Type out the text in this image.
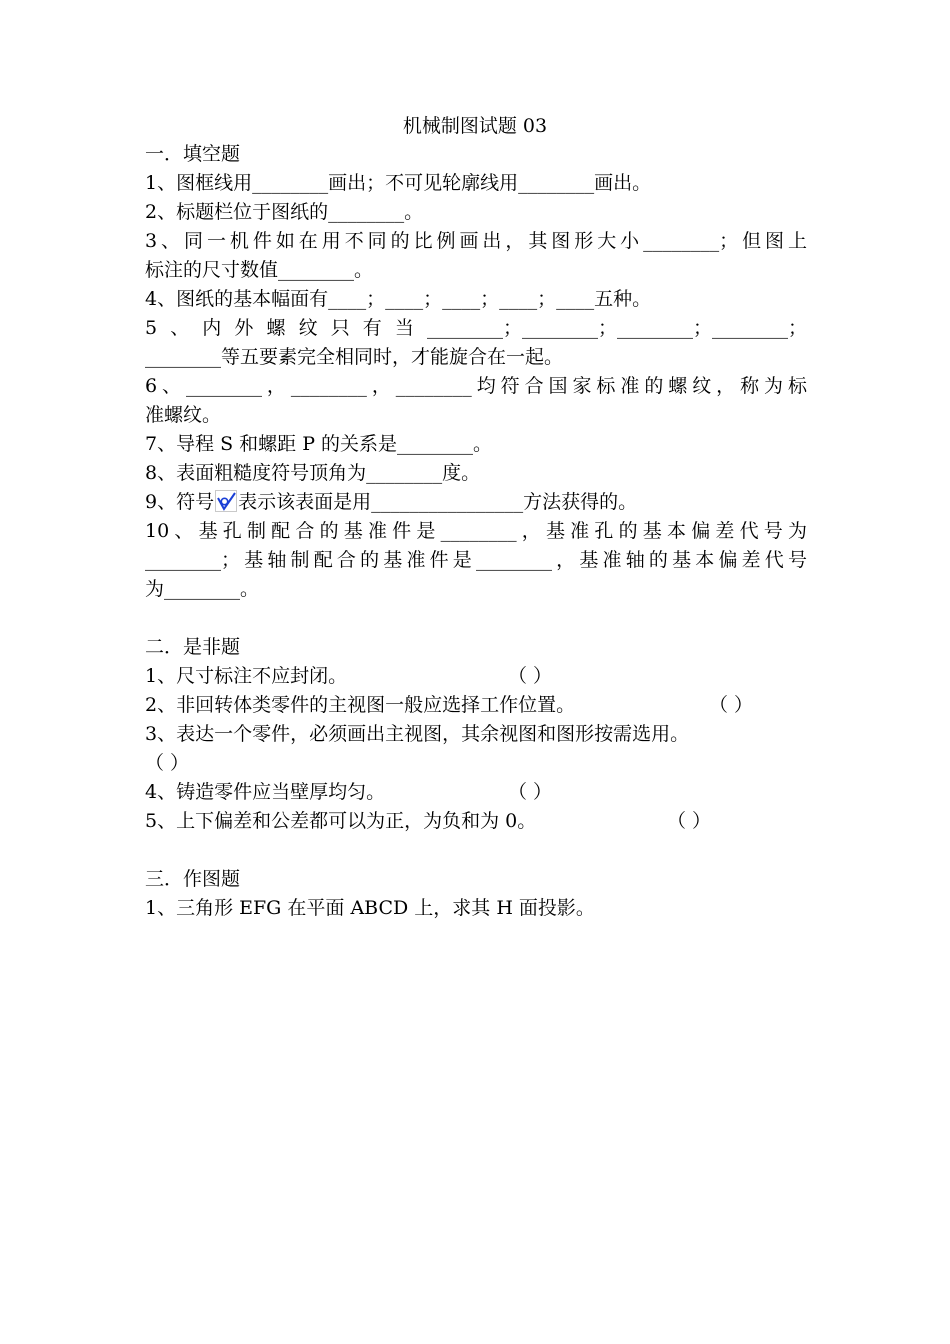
机械制图试题 03
一．填空题
1、图框线用________画出；不可见轮廓线用________画出。
2、标题栏位于图纸的________。
3、同一机件如在用不同的比例画出，其图形大小________；但图上
标注的尺寸数值________。
4、图纸的基本幅面有____；____；____；____；____五种。
5、内外螺纹只有当________；________；________；________；
________等五要素完全相同时，才能旋合在一起。
6、________，________，________均符合国家标准的螺纹，称为标
准螺纹。
7、导程 S 和螺距 P 的关系是________。
8、表面粗糙度符号顶角为________度。
9、符号 表示该表面是用________________方法获得的。
10、基孔制配合的基准件是________，基准孔的基本偏差代号为
________；基轴制配合的基准件是________，基准轴的基本偏差代号
为________。
二．是非题
1、尺寸标注不应封闭。	（ ）
2、非回转体类零件的主视图一般应选择工作位置。	（ ）
3、表达一个零件，必须画出主视图，其余视图和图形按需选用。
（ ）
4、铸造零件应当壁厚均匀。	（ ）
5、上下偏差和公差都可以为正，为负和为 0。	（ ）
三．作图题
1、三角形 EFG 在平面 ABCD 上，求其 H 面投影。
